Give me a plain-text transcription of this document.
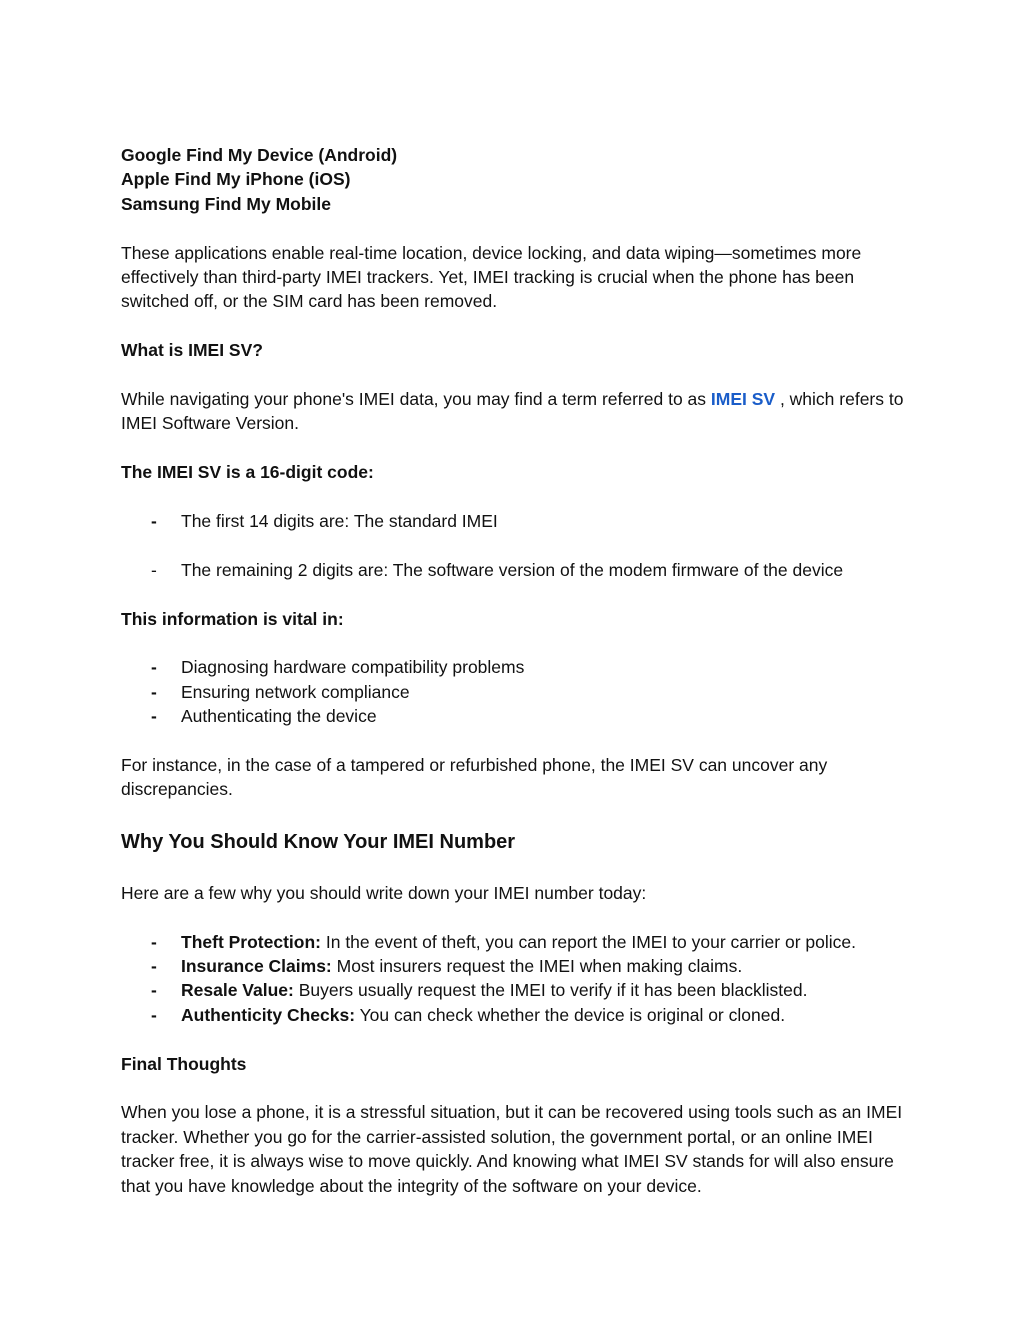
Google Find My Device (Android)

Apple Find My iPhone (iOS)

Samsung Find My Mobile

These applications enable real-time location, device locking, and data wiping—sometimes more effectively than third-party IMEI trackers. Yet, IMEI tracking is crucial when the phone has been switched off, or the SIM card has been removed.

What is IMEI SV?

While navigating your phone's IMEI data, you may find a term referred to as IMEI SV , which refers to IMEI Software Version.

The IMEI SV is a 16-digit code:

-	The first 14 digits are: The standard IMEI
-	The remaining 2 digits are: The software version of the modem firmware of the device

This information is vital in:

-	Diagnosing hardware compatibility problems
-	Ensuring network compliance
-	Authenticating the device

For instance, in the case of a tampered or refurbished phone, the IMEI SV can uncover any discrepancies.

Why You Should Know Your IMEI Number

Here are a few why you should write down your IMEI number today:

-	Theft Protection: In the event of theft, you can report the IMEI to your carrier or police.
-	Insurance Claims: Most insurers request the IMEI when making claims.
-	Resale Value: Buyers usually request the IMEI to verify if it has been blacklisted.
-	Authenticity Checks: You can check whether the device is original or cloned.

Final Thoughts

When you lose a phone, it is a stressful situation, but it can be recovered using tools such as an IMEI tracker. Whether you go for the carrier-assisted solution, the government portal, or an online IMEI tracker free, it is always wise to move quickly. And knowing what IMEI SV stands for will also ensure that you have knowledge about the integrity of the software on your device.
